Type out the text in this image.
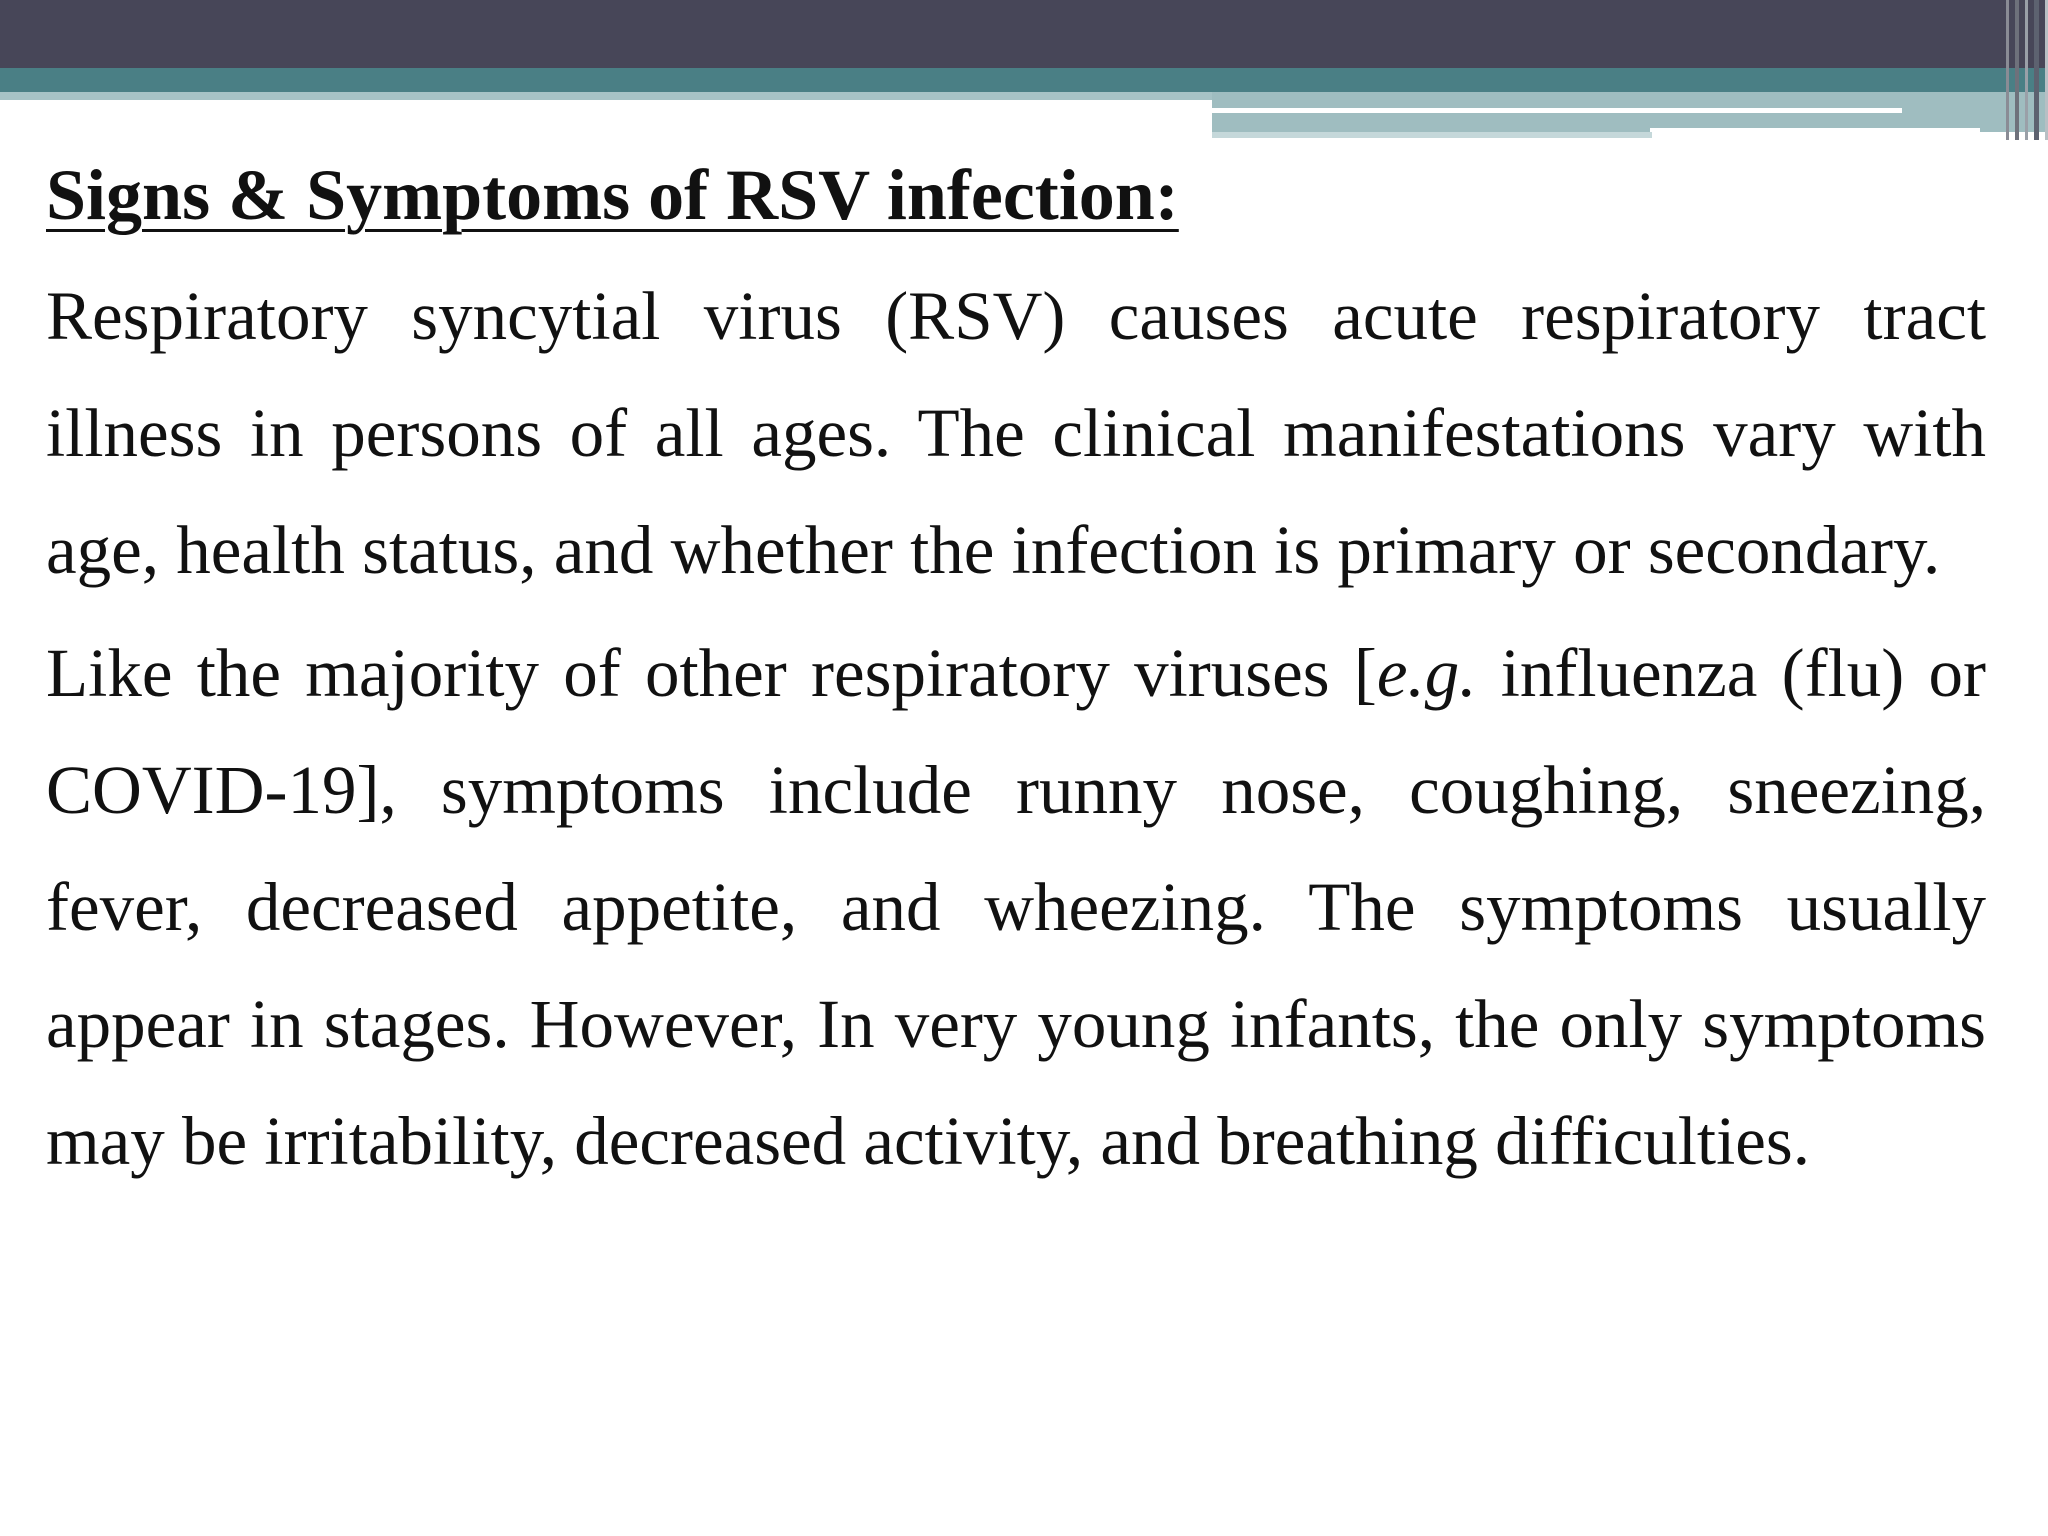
Signs & Symptoms of RSV infection:

Respiratory syncytial virus (RSV) causes acute respiratory tract illness in persons of all ages. The clinical manifestations vary with age, health status, and whether the infection is primary or secondary.

Like the majority of other respiratory viruses [e.g. influenza (flu) or COVID-19], symptoms include runny nose, coughing, sneezing, fever, decreased appetite, and wheezing. The symptoms usually appear in stages. However, In very young infants, the only symptoms may be irritability, decreased activity, and breathing difficulties.
